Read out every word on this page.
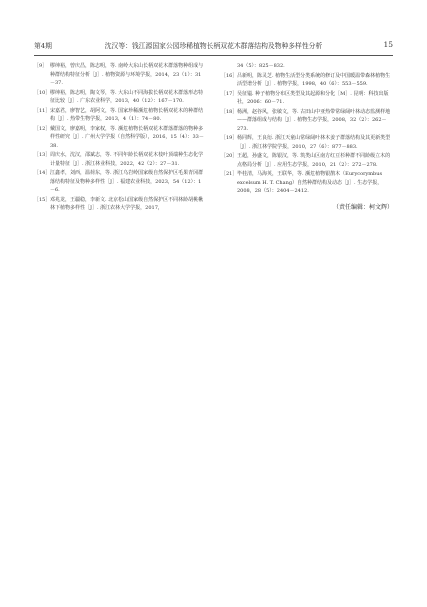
第4期	沈汉等：钱江源国家公园珍稀植物长柄双花木群落结构及物种多样性分析	15
［9］ 缪绅裕，曾庆昌，陈志明，等. 南岭大东山长柄双花木群落物种组成与种群结构特征分析［J］. 植物资源与环境学报，2014，23（1）：31－37.
［10］ 缪绅裕，陈志明，陶文琴，等. 大东山不同海拔长柄双花木群落形态特征比较［J］. 广东农业科学，2013，40（12）：167－170.
［11］ 宋嘉君，廖智艺，胡阿文，等. 国家珍稀濒危植物长柄双花木的种群结构［J］. 热带生物学报，2013，4（1）：74－80.
［12］ 戴国文，廖嘉明，李家权，等. 濒危植物长柄双花木群落群落的物种多样性研究［J］. 广州大学学报（自然科学版），2016，15（4）：33－38.
［13］ 周庆水，沈汉，邵斌志，等. 不同年龄长柄双花木枝叶顶端种生态化学计量特征［J］. 浙江林业科技，2022，42（2）：27－31.
［14］ 江鑫孝，刘西，温荷东，等. 浙江乌岩岭国家级自然保护区毛果青冈群落结构特征及物种多样性［J］. 福建农业科技，2023，54（12）：1－6.
［15］ 邓兆龙，王疆稳，李新文. 北京松山国家级自然保护区不同林龄胡桃楸林下植物多样性［J］. 浙江农林大学学报，2017，
34（5）：825－832.
［16］ 吕新明，陈灵芝. 植物生活型分类系统的修订及中国暖温带森林植物生活型谱分析［J］. 植物学报，1998，40（6）：553－559.
［17］ 吴征镒. 种子植物分布区类型及其起源和分化［M］. 昆明：科技出版社，2006：60－71.
［18］ 杨洲，赵谷风，张敏文，等. 古田山中亚热带常绿阔叶林动态监测样地——群落组成与结构［J］. 植物生态学报，2008，32（2）：262－273.
［19］ 杨同辉，王良衍. 浙江天童山常绿阔叶林木姜子群落结构及其更新类型［J］. 浙江林学院学报，2010，27（6）：877－883.
［20］ 王超，孙盛文，陈银汉，等. 筑类山区南方红豆杉种群不同龄级立木的点格局分析［J］. 应用生态学报，2010，21（2）：272－278.
［21］ 毕桂清，马海英，王联华，等. 濒危植物银鹊木（Eurycorymbus excelsum H. T. Chang）自然种群结构及动态［J］. 生态学报，2008，28（5）：2404－2412.
（责任编辑：柯文辉）
